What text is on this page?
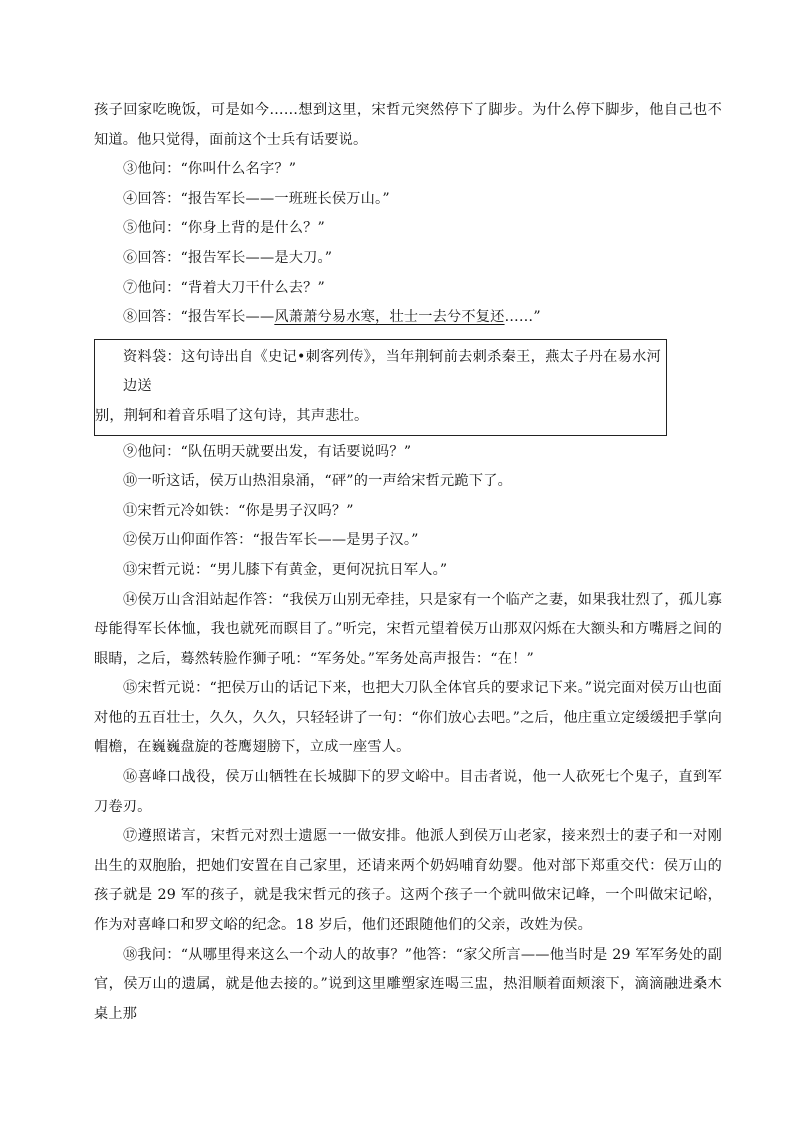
孩子回家吃晚饭，可是如今……想到这里，宋哲元突然停下了脚步。为什么停下脚步，他自己也不知道。他只觉得，面前这个士兵有话要说。

③他问：“你叫什么名字？”

④回答：“报告军长——一班班长侯万山。”

⑤他问：“你身上背的是什么？”

⑥回答：“报告军长——是大刀。”

⑦他问：“背着大刀干什么去？”

⑧回答：“报告军长——风萧萧兮易水寒，壮士一去兮不复还……”

资料袋：这句诗出自《史记•刺客列传》，当年荆轲前去刺杀秦王，燕太子丹在易水河边送

别，荆轲和着音乐唱了这句诗，其声悲壮。

⑨他问：“队伍明天就要出发，有话要说吗？”

⑩一听这话，侯万山热泪泉涌，“砰”的一声给宋哲元跪下了。

⑪宋哲元冷如铁：“你是男子汉吗？”

⑫侯万山仰面作答：“报告军长——是男子汉。”

⑬宋哲元说：“男儿膝下有黄金，更何况抗日军人。”

⑭侯万山含泪站起作答：“我侯万山别无牵挂，只是家有一个临产之妻，如果我壮烈了，孤儿寡母能得军长体恤，我也就死而瞑目了。”听完，宋哲元望着侯万山那双闪烁在大额头和方嘴唇之间的眼睛，之后，蓦然转脸作狮子吼：“军务处。”军务处高声报告：“在！”

⑮宋哲元说：“把侯万山的话记下来，也把大刀队全体官兵的要求记下来。”说完面对侯万山也面对他的五百壮士，久久，久久，只轻轻讲了一句：“你们放心去吧。”之后，他庄重立定缓缓把手掌向帽檐，在巍巍盘旋的苍鹰翅膀下，立成一座雪人。

⑯喜峰口战役，侯万山牺牲在长城脚下的罗文峪中。目击者说，他一人砍死七个鬼子，直到军刀卷刃。

⑰遵照诺言，宋哲元对烈士遗愿一一做安排。他派人到侯万山老家，接来烈士的妻子和一对刚出生的双胞胎，把她们安置在自己家里，还请来两个奶妈哺育幼婴。他对部下郑重交代：侯万山的孩子就是 29 军的孩子，就是我宋哲元的孩子。这两个孩子一个就叫做宋记峰，一个叫做宋记峪，作为对喜峰口和罗文峪的纪念。18 岁后，他们还跟随他们的父亲，改姓为侯。

⑱我问：“从哪里得来这么一个动人的故事？”他答：“家父所言——他当时是 29 军军务处的副官，侯万山的遗属，就是他去接的。”说到这里雕塑家连喝三盅，热泪顺着面颊滚下，滴滴融进桑木桌上那
